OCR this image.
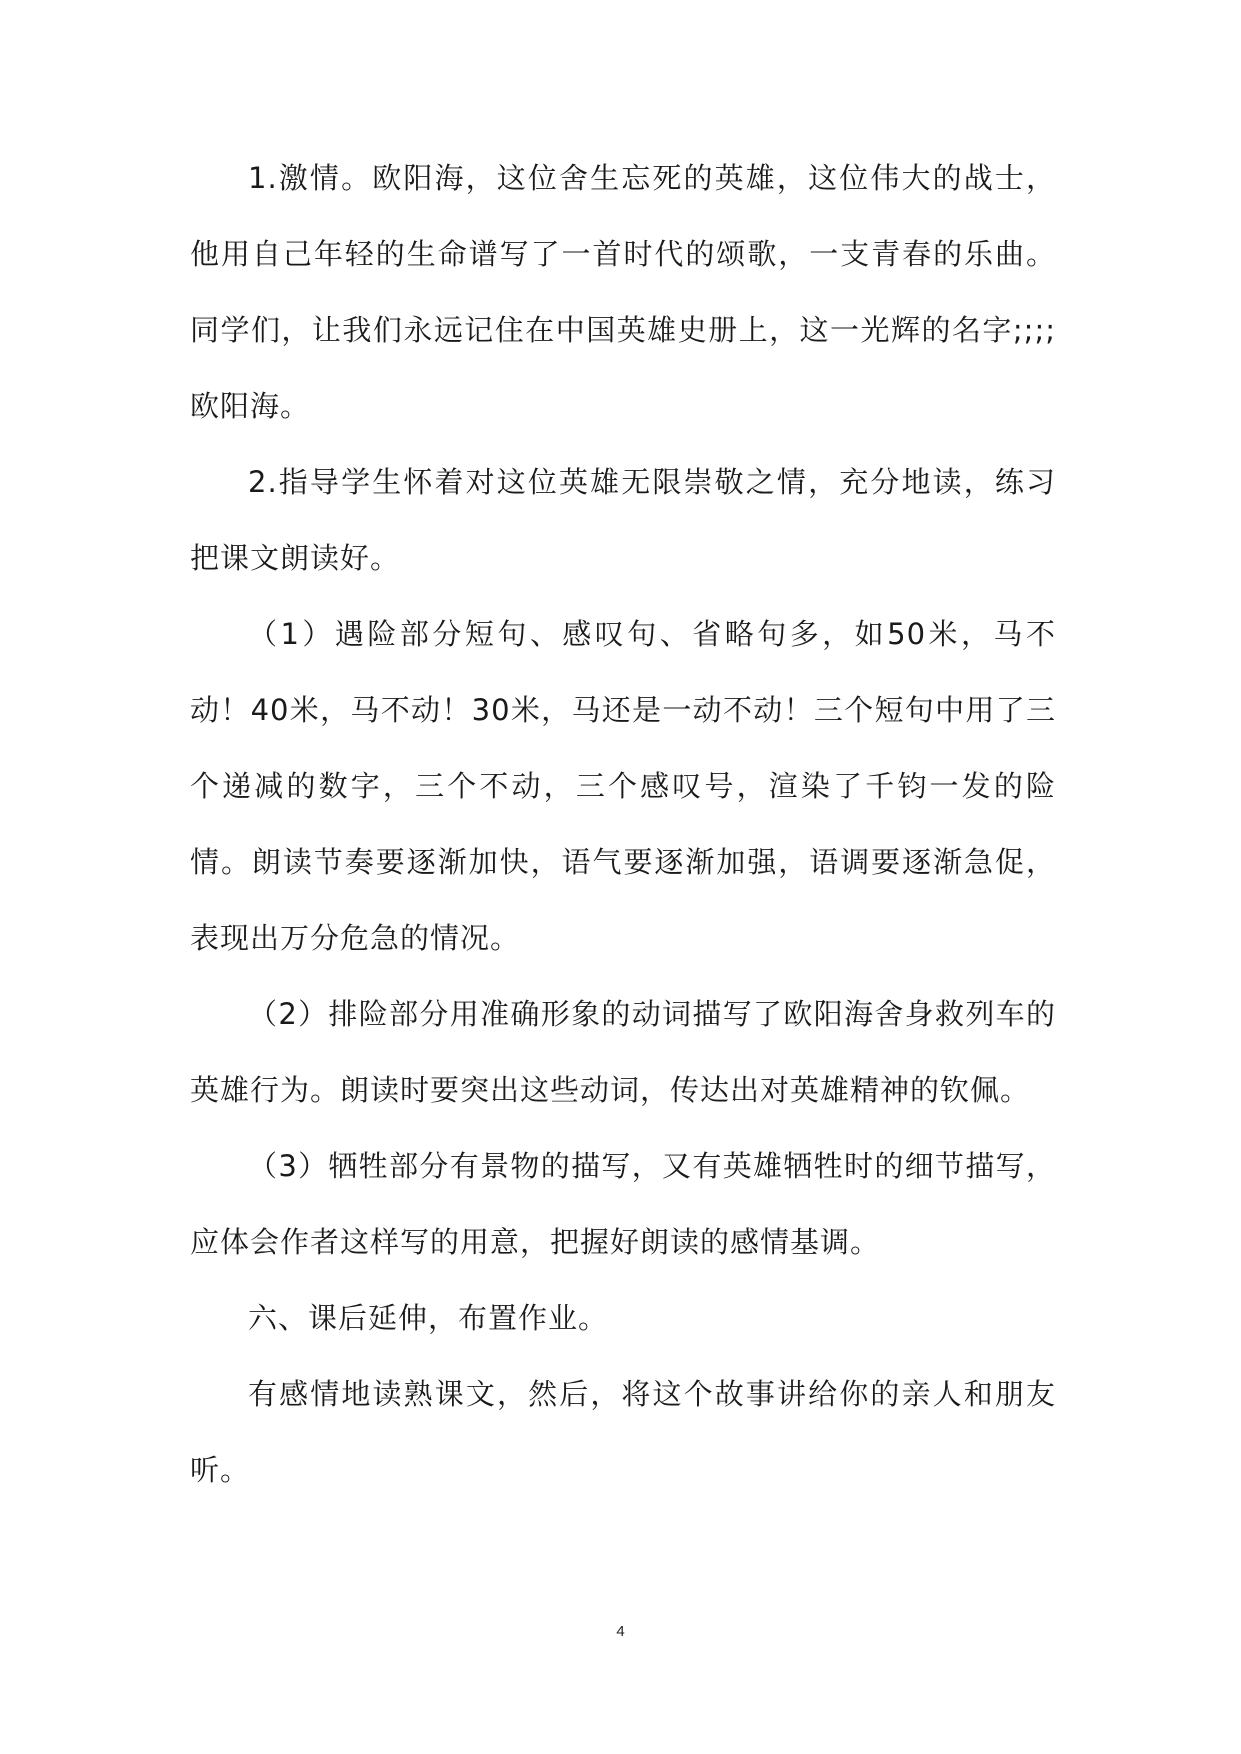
1.激情。欧阳海，这位舍生忘死的英雄，这位伟大的战士，他用自己年轻的生命谱写了一首时代的颂歌，一支青春的乐曲。同学们，让我们永远记住在中国英雄史册上，这一光辉的名字;;;;欧阳海。

2.指导学生怀着对这位英雄无限崇敬之情，充分地读，练习把课文朗读好。

（1）遇险部分短句、感叹句、省略句多，如50米，马不动！40米，马不动！30米，马还是一动不动！三个短句中用了三个递减的数字，三个不动，三个感叹号，渲染了千钧一发的险情。朗读节奏要逐渐加快，语气要逐渐加强，语调要逐渐急促，表现出万分危急的情况。

（2）排险部分用准确形象的动词描写了欧阳海舍身救列车的英雄行为。朗读时要突出这些动词，传达出对英雄精神的钦佩。

（3）牺牲部分有景物的描写，又有英雄牺牲时的细节描写，应体会作者这样写的用意，把握好朗读的感情基调。

六、课后延伸，布置作业。

有感情地读熟课文，然后，将这个故事讲给你的亲人和朋友听。

4
